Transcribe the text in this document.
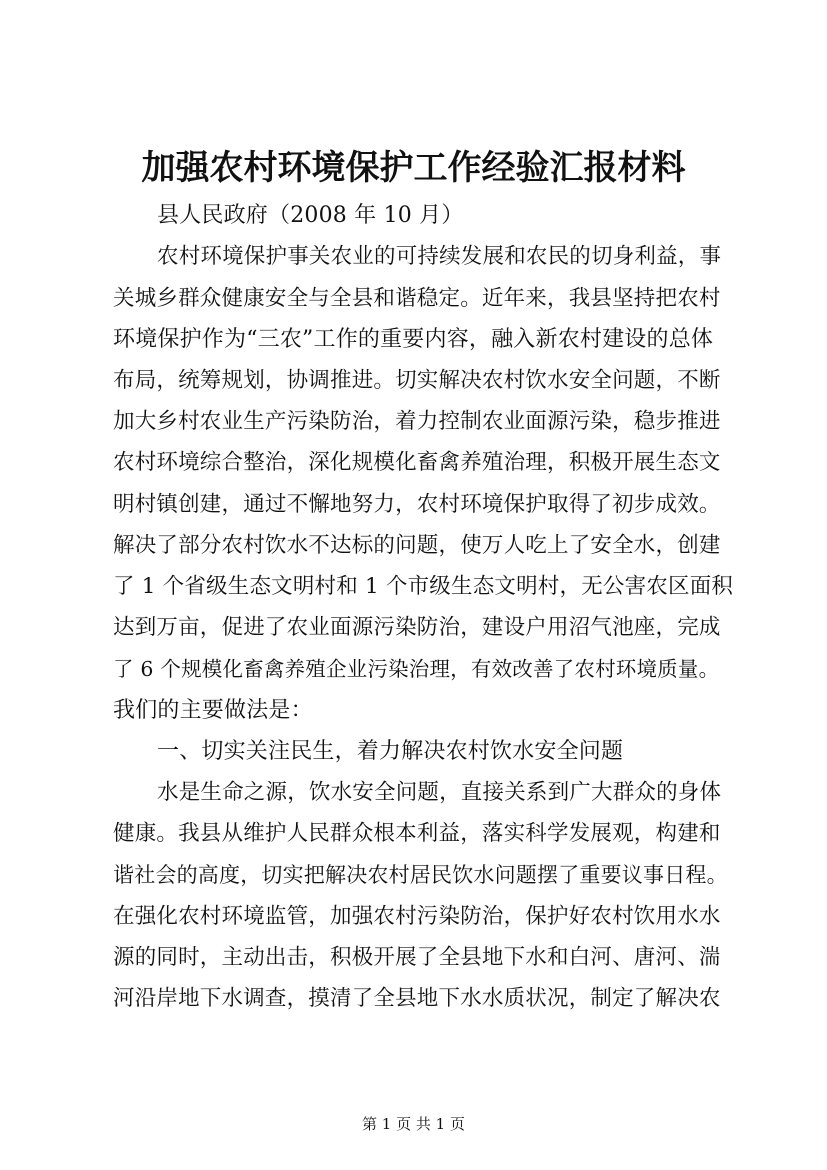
加强农村环境保护工作经验汇报材料
县人民政府（2008 年 10 月）
农村环境保护事关农业的可持续发展和农民的切身利益，事
关城乡群众健康安全与全县和谐稳定。近年来，我县坚持把农村
环境保护作为“三农”工作的重要内容，融入新农村建设的总体
布局，统筹规划，协调推进。切实解决农村饮水安全问题，不断
加大乡村农业生产污染防治，着力控制农业面源污染，稳步推进
农村环境综合整治，深化规模化畜禽养殖治理，积极开展生态文
明村镇创建，通过不懈地努力，农村环境保护取得了初步成效。
解决了部分农村饮水不达标的问题，使万人吃上了安全水，创建
了 1 个省级生态文明村和 1 个市级生态文明村，无公害农区面积
达到万亩，促进了农业面源污染防治，建设户用沼气池座，完成
了 6 个规模化畜禽养殖企业污染治理，有效改善了农村环境质量。
我们的主要做法是：
一、切实关注民生，着力解决农村饮水安全问题
水是生命之源，饮水安全问题，直接关系到广大群众的身体
健康。我县从维护人民群众根本利益，落实科学发展观，构建和
谐社会的高度，切实把解决农村居民饮水问题摆了重要议事日程。
在强化农村环境监管，加强农村污染防治，保护好农村饮用水水
源的同时，主动出击，积极开展了全县地下水和白河、唐河、湍
河沿岸地下水调查，摸清了全县地下水水质状况，制定了解决农
第 1 页 共 1 页
